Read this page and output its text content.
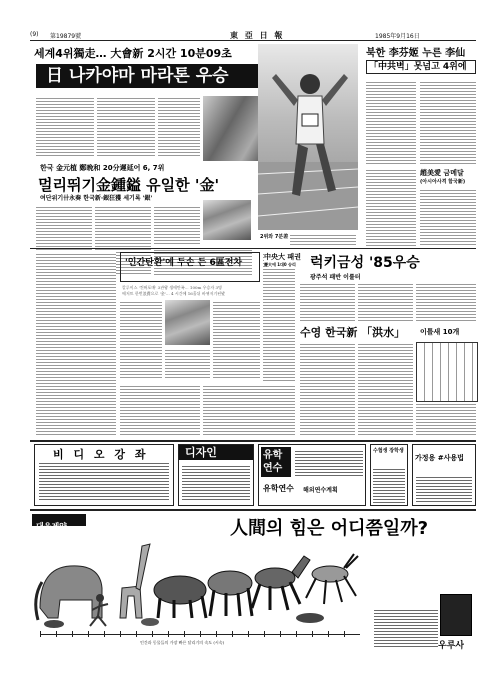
(9) 第19879號	東 亞 日 報	1985年9月16日
세계4위獨走… 大會新 2시간 10분09초
日 나카야마 마라톤 우승
한국 金元植 鄭晩和 20分遲延어 6, 7위
멀리뛰기金鍾鎰 유일한 '金'
여단위기卄永奏 한국新·銀狂獲 세기록 '銀'
2위와 7분差
북한 李芬姬 누른 李仙
「中共벽」못넘고 4위에
趙美愛 금메달
(아시아사격 함국新)
'인간탄환'에 두손 든 6區전차
칼루이스 '컨버포매' 3관왕 생애만족… 100m 우승자 3명
에저트 한번浪費으로 '金'… 4 시간에 16홀뒤 바뀌저기된봤
中央大 패권
慶大에 1대0 승리	럭키금성 '85우승
광주석 패반 이룰터
수영 한국新 「洪水」	이틀새 10개
비 디 오 강 좌	디자인	유학 연수
유학연수 해외연수계획
수험생 장학생
가정용 #사용법
대웅제약	人間의 힘은 어디쯤일까?
인간과 동물들의 가장 빠른 달리기의 속도 (시속)	우루사
